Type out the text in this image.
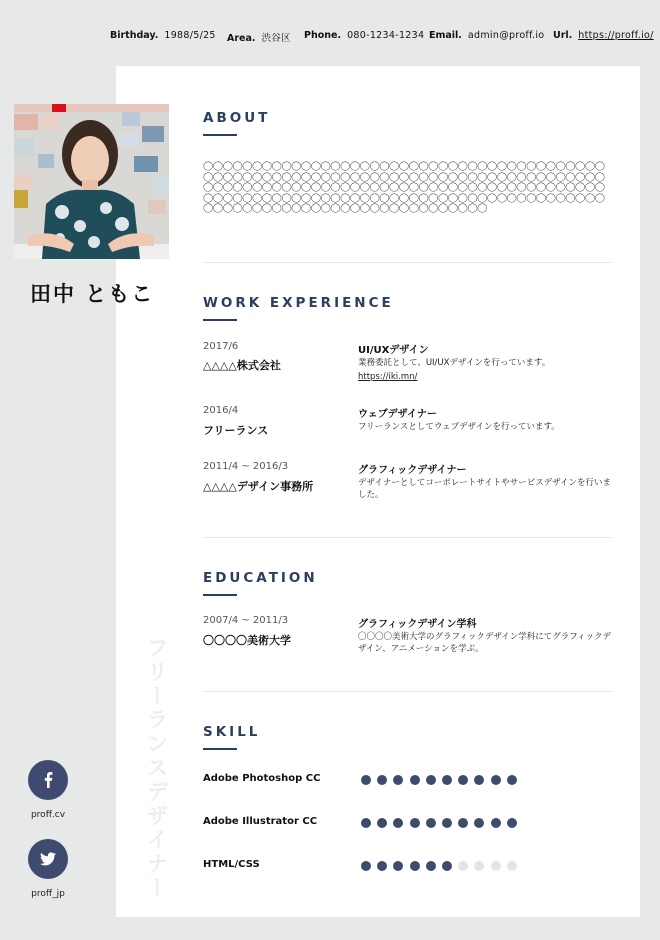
Birthday. 1988/5/25 Area. 渋谷区 Phone. 080-1234-1234 Email. admin@proff.io Url. https://proff.io/
フリーランスデザイナー
田中 ともこ
proff.cv
proff_jp
ABOUT
〇〇〇〇〇〇〇〇〇〇〇〇〇〇〇〇〇〇〇〇〇〇〇〇〇〇〇〇〇〇〇〇〇〇〇〇〇〇〇〇〇〇〇〇〇〇〇〇〇〇〇〇〇〇〇〇〇〇〇〇〇〇〇〇〇〇〇〇〇〇〇〇〇〇〇〇〇〇〇〇〇〇〇〇〇〇〇〇〇〇〇〇〇〇〇〇〇〇〇〇〇〇〇〇〇〇〇〇〇〇〇〇〇〇〇〇〇〇〇〇〇〇〇〇〇〇〇〇〇〇〇〇〇〇〇〇〇〇〇〇〇〇〇〇〇〇〇〇〇〇〇〇〇〇〇〇〇〇〇〇〇〇〇〇〇〇〇〇〇〇〇〇〇〇〇〇〇〇〇〇〇〇〇〇〇〇〇〇〇〇〇〇〇
WORK EXPERIENCE
2017/6
△△△△株式会社
UI/UXデザイン
業務委託として、UI/UXデザインを行っています。
https://iki.mn/
2016/4
フリーランス
ウェブデザイナー
フリーランスとしてウェブデザインを行っています。
2011/4 ~ 2016/3
△△△△デザイン事務所
グラフィックデザイナー
デザイナーとしてコーポレートサイトやサービスデザインを行いました。
EDUCATION
2007/4 ~ 2011/3
〇〇〇〇美術大学
グラフィックデザイン学科
〇〇〇〇美術大学のグラフィックデザイン学科にてグラフィックデザイン、アニメーションを学ぶ。
SKILL
Adobe Photoshop CC
Adobe Illustrator CC
HTML/CSS
